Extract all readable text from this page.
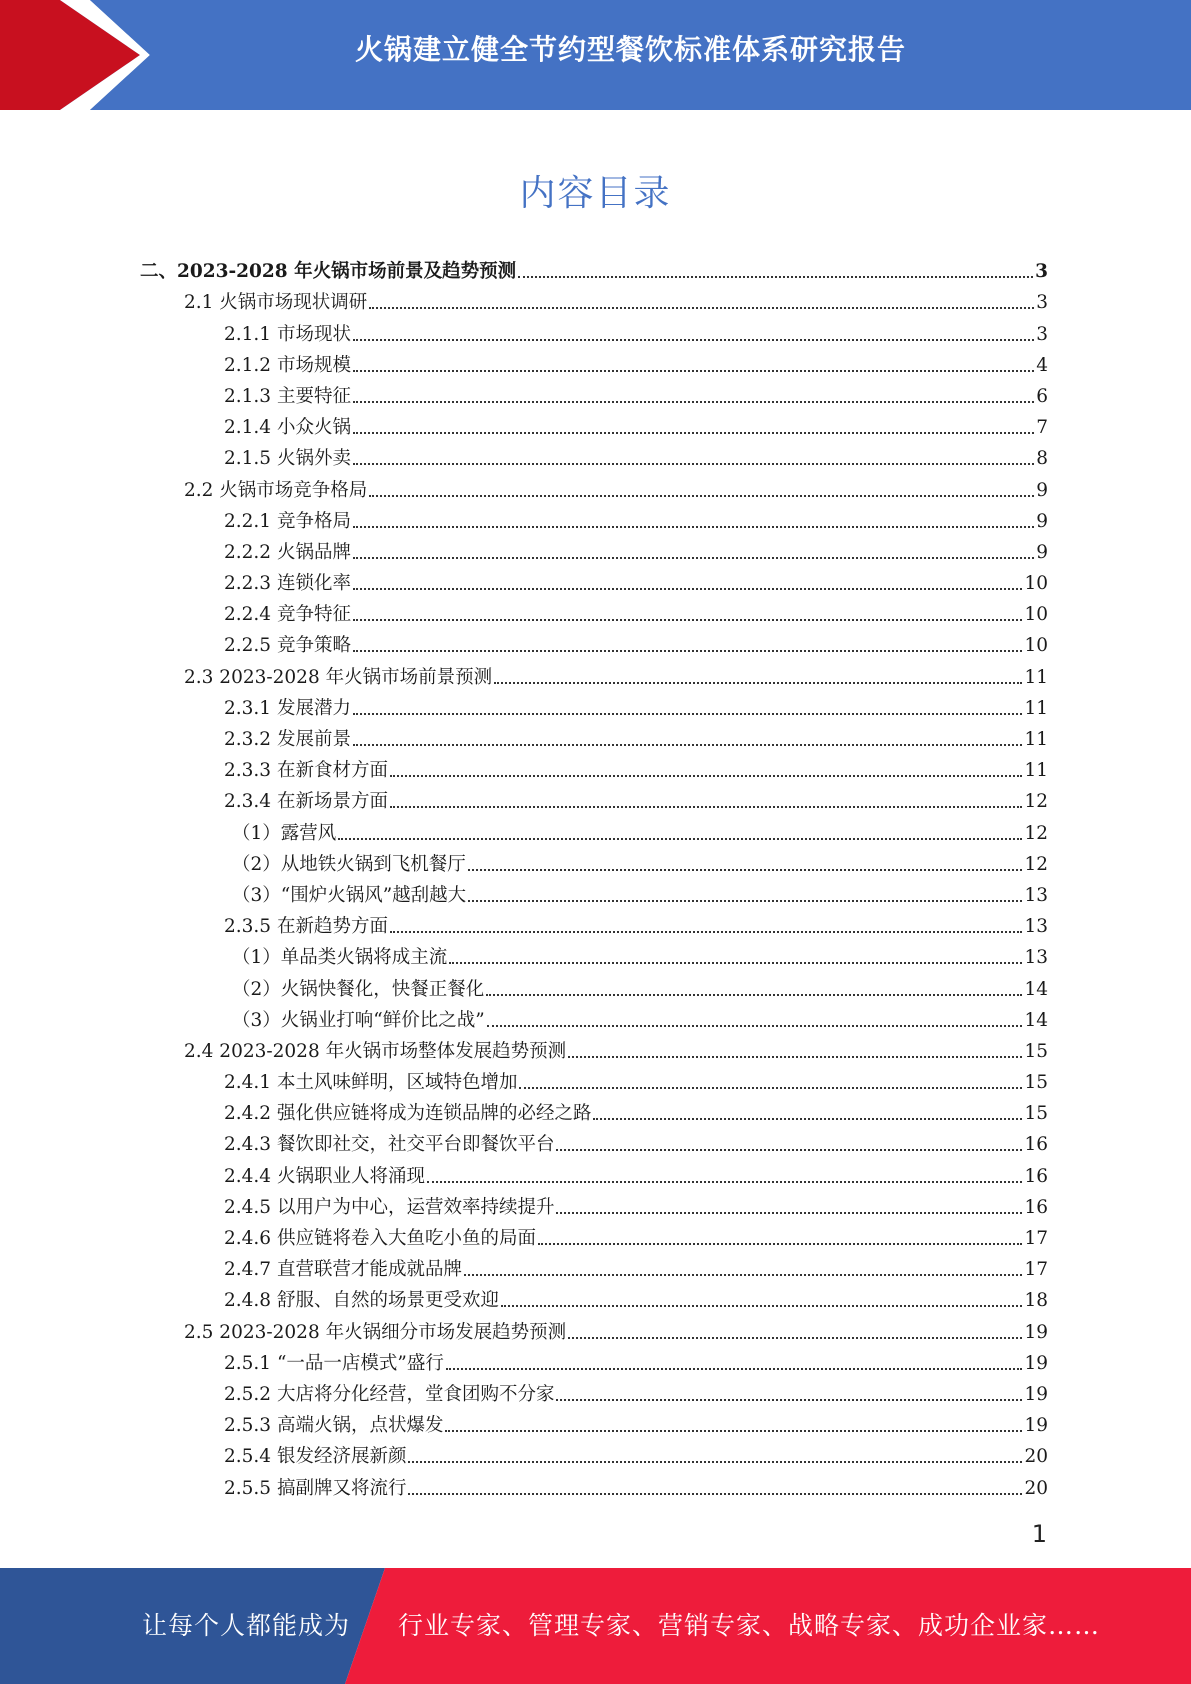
火锅建立健全节约型餐饮标准体系研究报告
内容目录
二、2023-2028 年火锅市场前景及趋势预测	3
2.1 火锅市场现状调研	3
2.1.1 市场现状	3
2.1.2 市场规模	4
2.1.3 主要特征	6
2.1.4 小众火锅	7
2.1.5 火锅外卖	8
2.2 火锅市场竞争格局	9
2.2.1 竞争格局	9
2.2.2 火锅品牌	9
2.2.3 连锁化率	10
2.2.4 竞争特征	10
2.2.5 竞争策略	10
2.3 2023-2028 年火锅市场前景预测	11
2.3.1 发展潜力	11
2.3.2 发展前景	11
2.3.3 在新食材方面	11
2.3.4 在新场景方面	12
（1）露营风	12
（2）从地铁火锅到飞机餐厅	12
（3）“围炉火锅风”越刮越大	13
2.3.5 在新趋势方面	13
（1）单品类火锅将成主流	13
（2）火锅快餐化，快餐正餐化	14
（3）火锅业打响“鲜价比之战”	14
2.4 2023-2028 年火锅市场整体发展趋势预测	15
2.4.1 本土风味鲜明，区域特色增加	15
2.4.2 强化供应链将成为连锁品牌的必经之路	15
2.4.3 餐饮即社交，社交平台即餐饮平台	16
2.4.4 火锅职业人将涌现	16
2.4.5 以用户为中心，运营效率持续提升	16
2.4.6 供应链将卷入大鱼吃小鱼的局面	17
2.4.7 直营联营才能成就品牌	17
2.4.8 舒服、自然的场景更受欢迎	18
2.5 2023-2028 年火锅细分市场发展趋势预测	19
2.5.1 “一品一店模式”盛行	19
2.5.2 大店将分化经营，堂食团购不分家	19
2.5.3 高端火锅，点状爆发	19
2.5.4 银发经济展新颜	20
2.5.5 搞副牌又将流行	20
1
让每个人都能成为 行业专家、管理专家、营销专家、战略专家、成功企业家……
